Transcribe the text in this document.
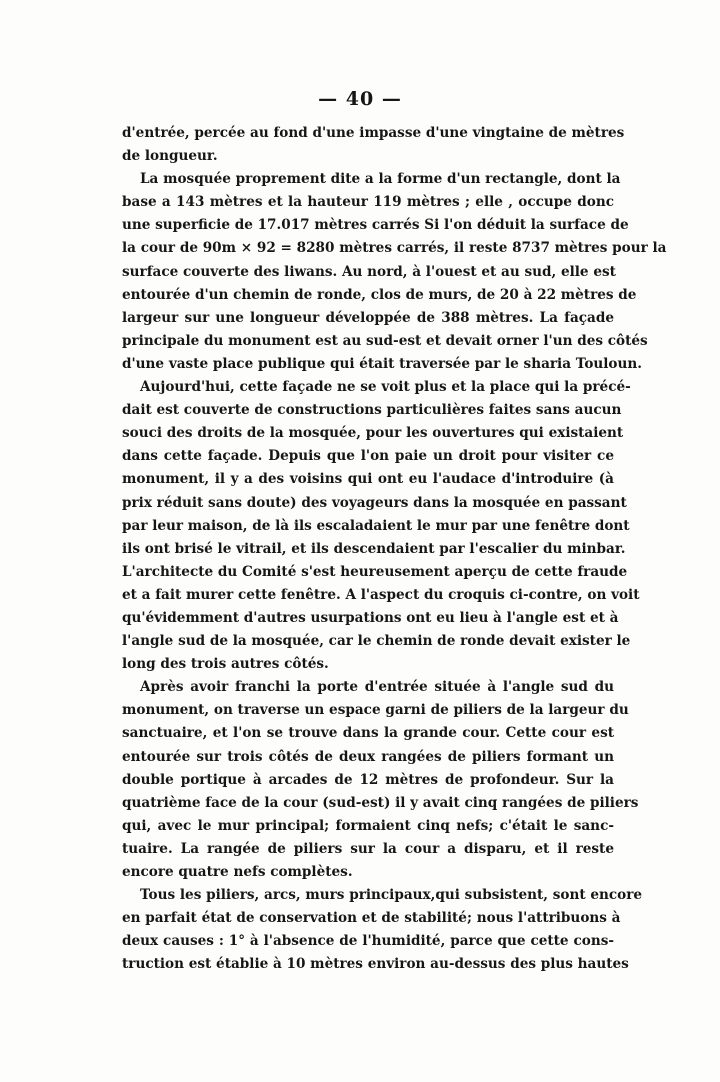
— 40 —
d'entrée, percée au fond d'une impasse d'une vingtaine de mètres
de longueur.
La mosquée proprement dite a la forme d'un rectangle, dont la
base a 143 mètres et la hauteur 119 mètres ; elle , occupe donc
une superficie de 17.017 mètres carrés Si l'on déduit la surface de
la cour de 90m × 92 = 8280 mètres carrés, il reste 8737 mètres pour la
surface couverte des liwans. Au nord, à l'ouest et au sud, elle est
entourée d'un chemin de ronde, clos de murs, de 20 à 22 mètres de
largeur sur une longueur développée de 388 mètres. La façade
principale du monument est au sud-est et devait orner l'un des côtés
d'une vaste place publique qui était traversée par le sharia Touloun.
Aujourd'hui, cette façade ne se voit plus et la place qui la précé-
dait est couverte de constructions particulières faites sans aucun
souci des droits de la mosquée, pour les ouvertures qui existaient
dans cette façade. Depuis que l'on paie un droit pour visiter ce
monument, il y a des voisins qui ont eu l'audace d'introduire (à
prix réduit sans doute) des voyageurs dans la mosquée en passant
par leur maison, de là ils escaladaient le mur par une fenêtre dont
ils ont brisé le vitrail, et ils descendaient par l'escalier du minbar.
L'architecte du Comité s'est heureusement aperçu de cette fraude
et a fait murer cette fenêtre. A l'aspect du croquis ci-contre, on voit
qu'évidemment d'autres usurpations ont eu lieu à l'angle est et à
l'angle sud de la mosquée, car le chemin de ronde devait exister le
long des trois autres côtés.
Après avoir franchi la porte d'entrée située à l'angle sud du
monument, on traverse un espace garni de piliers de la largeur du
sanctuaire, et l'on se trouve dans la grande cour. Cette cour est
entourée sur trois côtés de deux rangées de piliers formant un
double portique à arcades de 12 mètres de profondeur. Sur la
quatrième face de la cour (sud-est) il y avait cinq rangées de piliers
qui, avec le mur principal; formaient cinq nefs; c'était le sanc-
tuaire. La rangée de piliers sur la cour a disparu, et il reste
encore quatre nefs complètes.
Tous les piliers, arcs, murs principaux,qui subsistent, sont encore
en parfait état de conservation et de stabilité; nous l'attribuons à
deux causes : 1° à l'absence de l'humidité, parce que cette cons-
truction est établie à 10 mètres environ au-dessus des plus hautes
